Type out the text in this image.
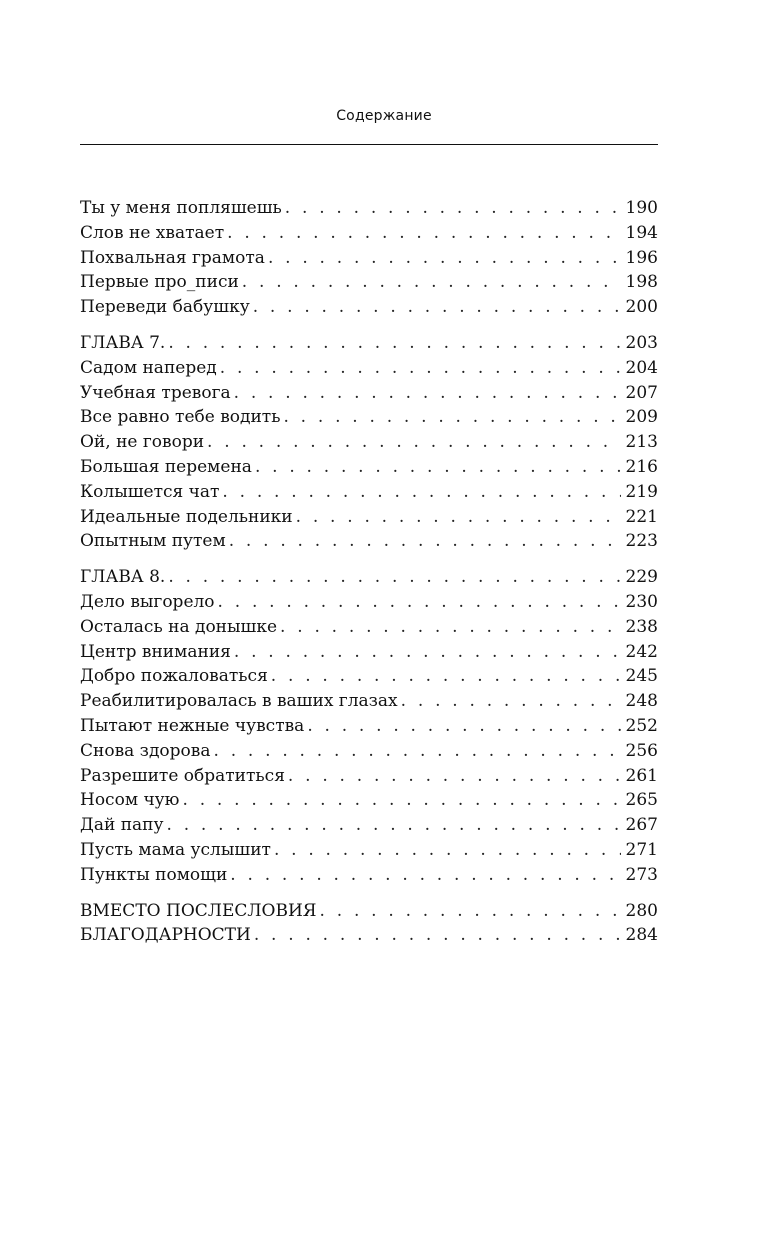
Содержание
Ты у меня попляшешь . . .	190
Слов не хватает . . .	194
Похвальная грамота . . .	196
Первые про_писи . . .	198
Переведи бабушку . . .	200
ГЛАВА 7. . . .	203
Садом наперед . . .	204
Учебная тревога . . .	207
Все равно тебе водить . . .	209
Ой, не говори . . .	213
Большая перемена . . .	216
Колышется чат . . .	219
Идеальные подельники . . .	221
Опытным путем . . .	223
ГЛАВА 8. . . .	229
Дело выгорело . . .	230
Осталась на донышке . . .	238
Центр внимания . . .	242
Добро пожаловаться . . .	245
Реабилитировалась в ваших глазах . . .	248
Пытают нежные чувства . . .	252
Снова здорова . . .	256
Разрешите обратиться . . .	261
Носом чую . . .	265
Дай папу . . .	267
Пусть мама услышит . . .	271
Пункты помощи . . .	273
ВМЕСТО ПОСЛЕСЛОВИЯ . . .	280
БЛАГОДАРНОСТИ . . .	284
